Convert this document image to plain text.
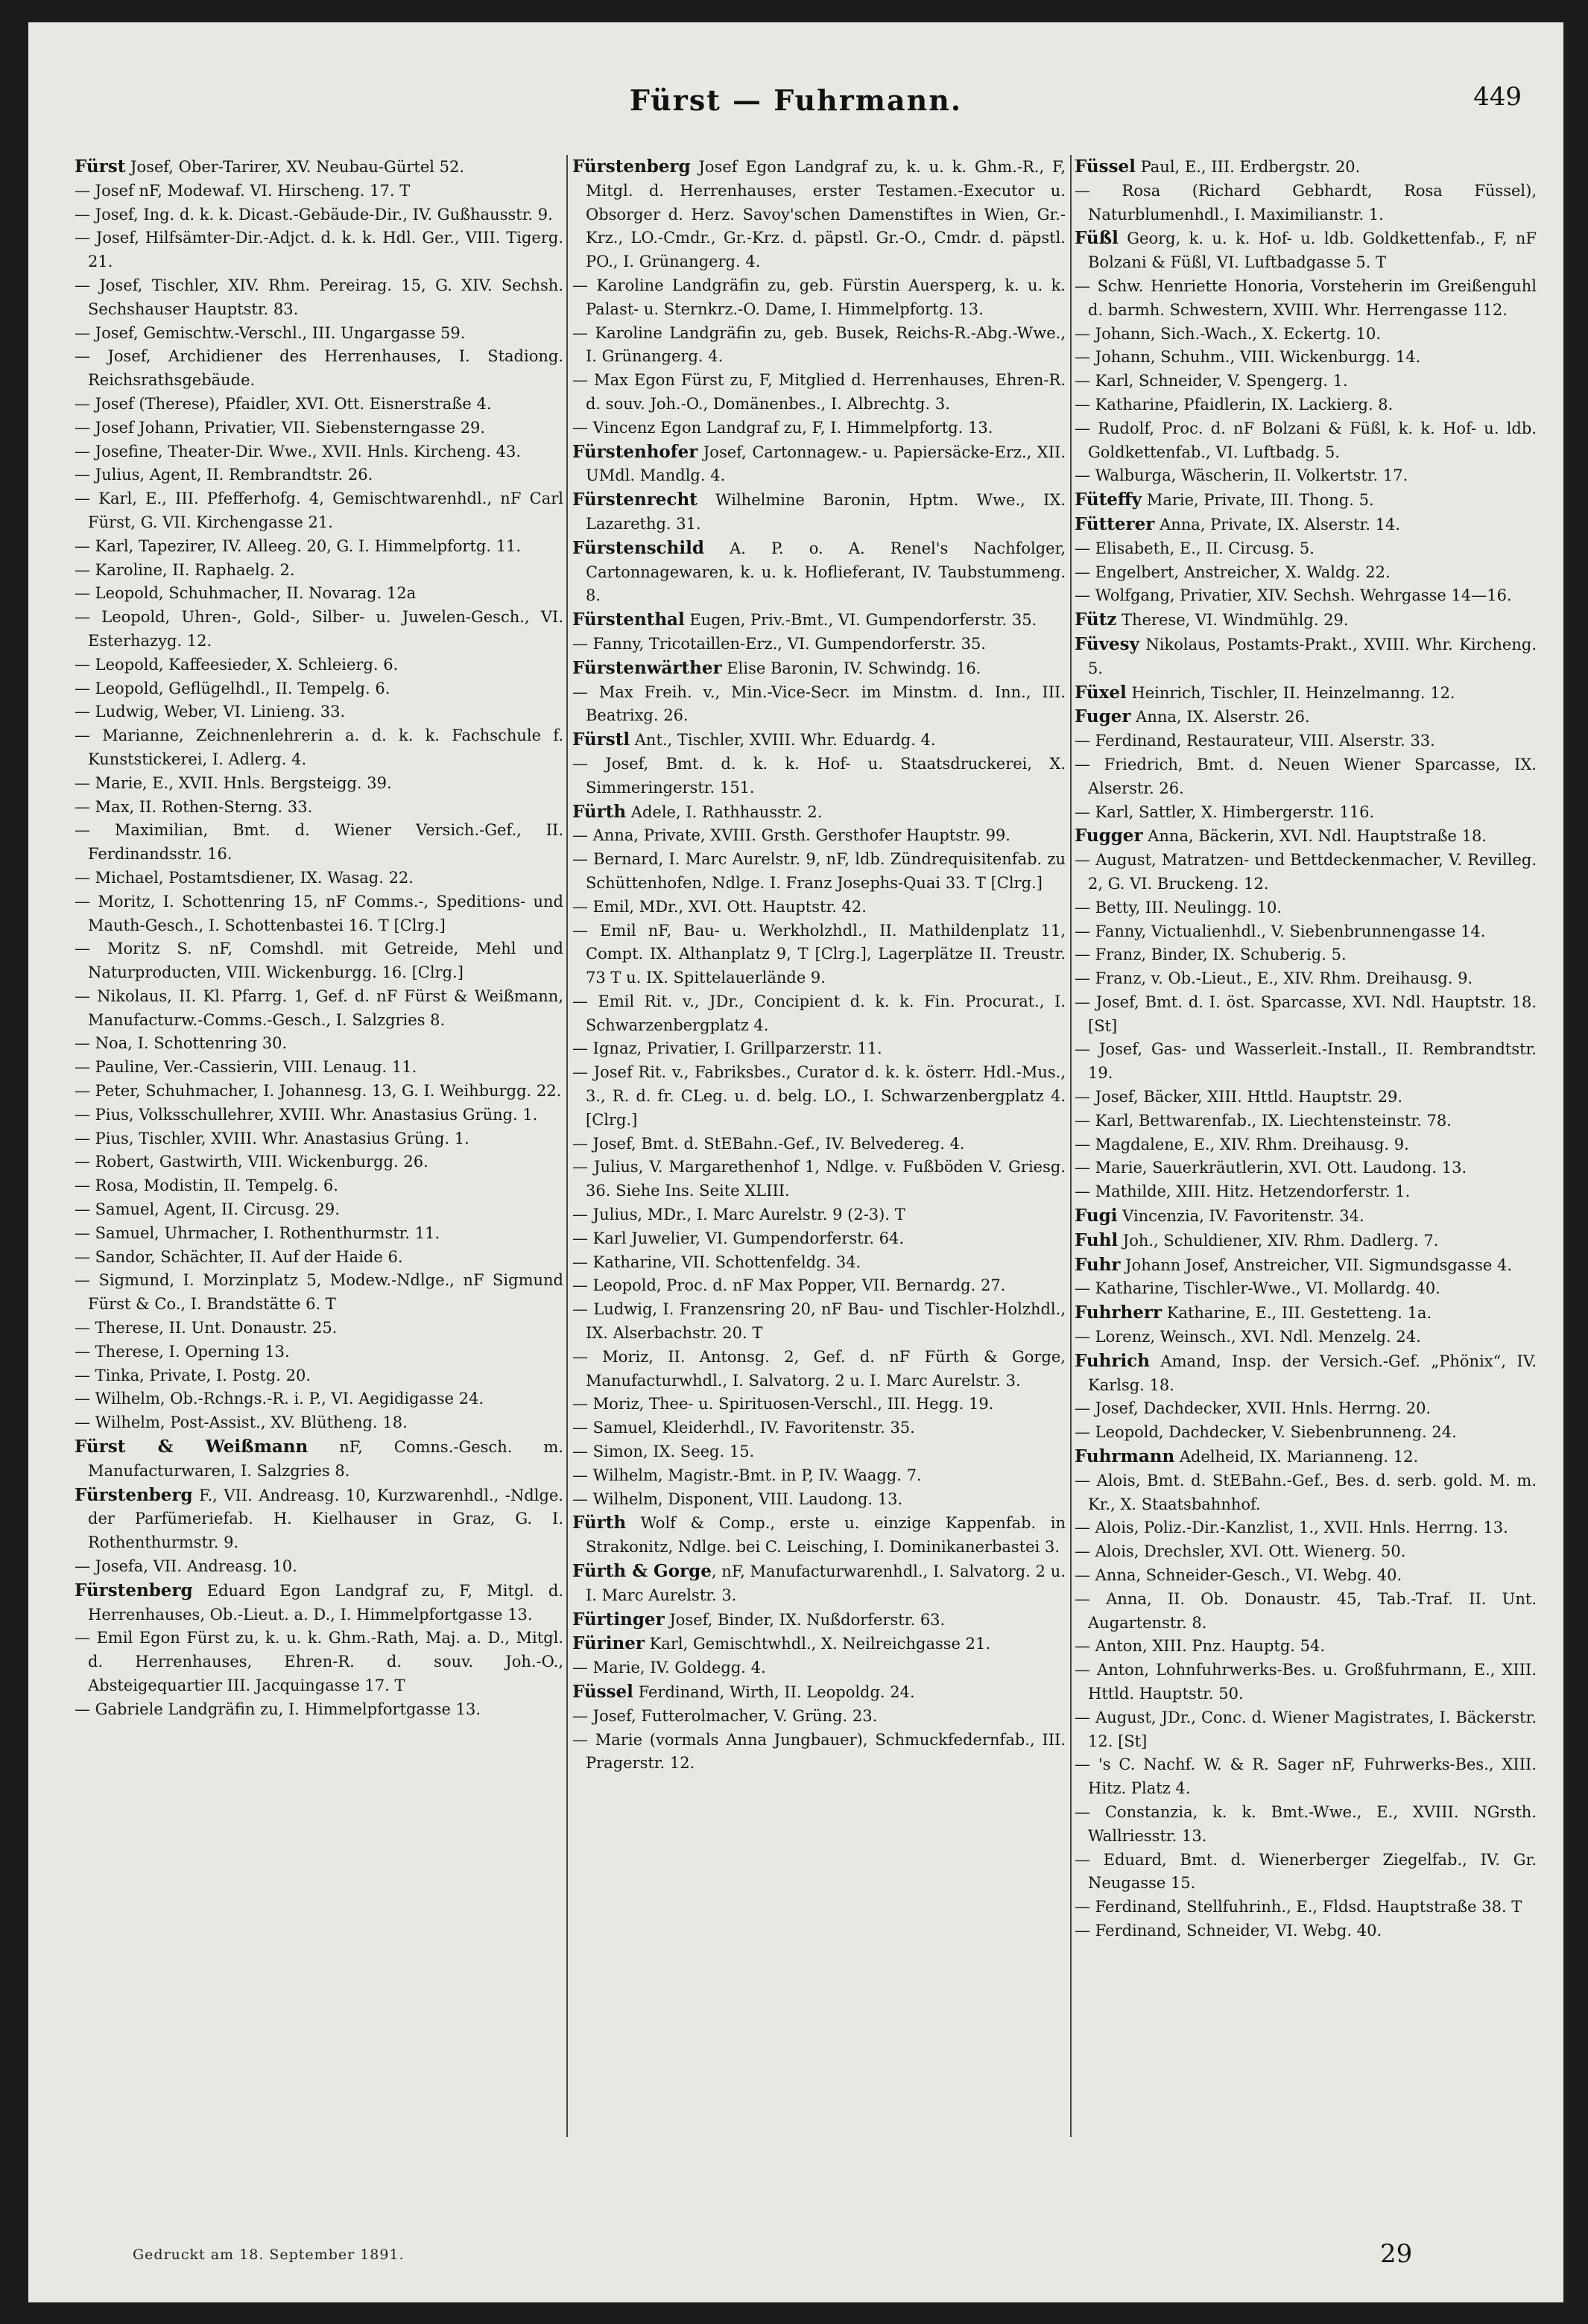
Fürst — Fuhrmann.	449

Fürst Josef, Ober-Tarirer, XV. Neubau-Gürtel 52.

— Josef nF, Modewaf. VI. Hirscheng. 17. T

— Josef, Ing. d. k. k. Dicast.-Gebäude-Dir., IV. Gußhausstr. 9.

— Josef, Hilfsämter-Dir.-Adjct. d. k. k. Hdl. Ger., VIII. Tigerg. 21.

— Josef, Tischler, XIV. Rhm. Pereirag. 15, G. XIV. Sechsh. Sechshauser Hauptstr. 83.

— Josef, Gemischtw.-Verschl., III. Ungargasse 59.

— Josef, Archidiener des Herrenhauses, I. Stadiong. Reichsrathsgebäude.

— Josef (Therese), Pfaidler, XVI. Ott. Eisnerstraße 4.

— Josef Johann, Privatier, VII. Siebensterngasse 29.

— Josefine, Theater-Dir. Wwe., XVII. Hnls. Kircheng. 43.

— Julius, Agent, II. Rembrandtstr. 26.

— Karl, E., III. Pfefferhofg. 4, Gemischtwarenhdl., nF Carl Fürst, G. VII. Kirchengasse 21.

— Karl, Tapezirer, IV. Alleeg. 20, G. I. Himmelpfortg. 11.

— Karoline, II. Raphaelg. 2.

— Leopold, Schuhmacher, II. Novarag. 12a

— Leopold, Uhren-, Gold-, Silber- u. Juwelen-Gesch., VI. Esterhazyg. 12.

— Leopold, Kaffeesieder, X. Schleierg. 6.

— Leopold, Geflügelhdl., II. Tempelg. 6.

— Ludwig, Weber, VI. Linieng. 33.

— Marianne, Zeichnenlehrerin a. d. k. k. Fachschule f. Kunststickerei, I. Adlerg. 4.

— Marie, E., XVII. Hnls. Bergsteigg. 39.

— Max, II. Rothen-Sterng. 33.

— Maximilian, Bmt. d. Wiener Versich.-Gef., II. Ferdinandsstr. 16.

— Michael, Postamtsdiener, IX. Wasag. 22.

— Moritz, I. Schottenring 15, nF Comms.-, Speditions- und Mauth-Gesch., I. Schottenbastei 16. T [Clrg.]

— Moritz S. nF, Comshdl. mit Getreide, Mehl und Naturproducten, VIII. Wickenburgg. 16. [Clrg.]

— Nikolaus, II. Kl. Pfarrg. 1, Gef. d. nF Fürst & Weißmann, Manufacturw.-Comms.-Gesch., I. Salzgries 8.

— Noa, I. Schottenring 30.

— Pauline, Ver.-Cassierin, VIII. Lenaug. 11.

— Peter, Schuhmacher, I. Johannesg. 13, G. I. Weihburgg. 22.

— Pius, Volksschullehrer, XVIII. Whr. Anastasius Grüng. 1.

— Pius, Tischler, XVIII. Whr. Anastasius Grüng. 1.

— Robert, Gastwirth, VIII. Wickenburgg. 26.

— Rosa, Modistin, II. Tempelg. 6.

— Samuel, Agent, II. Circusg. 29.

— Samuel, Uhrmacher, I. Rothenthurmstr. 11.

— Sandor, Schächter, II. Auf der Haide 6.

— Sigmund, I. Morzinplatz 5, Modew.-Ndlge., nF Sigmund Fürst & Co., I. Brandstätte 6. T

— Therese, II. Unt. Donaustr. 25.

— Therese, I. Operning 13.

— Tinka, Private, I. Postg. 20.

— Wilhelm, Ob.-Rchngs.-R. i. P., VI. Aegidigasse 24.

— Wilhelm, Post-Assist., XV. Blütheng. 18.

Fürst & Weißmann nF, Comns.-Gesch. m. Manufacturwaren, I. Salzgries 8.

Fürstenberg F., VII. Andreasg. 10, Kurzwarenhdl., -Ndlge. der Parfümeriefab. H. Kielhauser in Graz, G. I. Rothenthurmstr. 9.

— Josefa, VII. Andreasg. 10.

Fürstenberg Eduard Egon Landgraf zu, F, Mitgl. d. Herrenhauses, Ob.-Lieut. a. D., I. Himmelpfortgasse 13.

— Emil Egon Fürst zu, k. u. k. Ghm.-Rath, Maj. a. D., Mitgl. d. Herrenhauses, Ehren-R. d. souv. Joh.-O., Absteigequartier III. Jacquingasse 17. T

— Gabriele Landgräfin zu, I. Himmelpfortgasse 13.

Fürstenberg Josef Egon Landgraf zu, k. u. k. Ghm.-R., F, Mitgl. d. Herrenhauses, erster Testamen.-Executor u. Obsorger d. Herz. Savoy'schen Damenstiftes in Wien, Gr.-Krz., LO.-Cmdr., Gr.-Krz. d. päpstl. Gr.-O., Cmdr. d. päpstl. PO., I. Grünangerg. 4.

— Karoline Landgräfin zu, geb. Fürstin Auersperg, k. u. k. Palast- u. Sternkrz.-O. Dame, I. Himmelpfortg. 13.

— Karoline Landgräfin zu, geb. Busek, Reichs-R.-Abg.-Wwe., I. Grünangerg. 4.

— Max Egon Fürst zu, F, Mitglied d. Herrenhauses, Ehren-R. d. souv. Joh.-O., Domänenbes., I. Albrechtg. 3.

— Vincenz Egon Landgraf zu, F, I. Himmelpfortg. 13.

Fürstenhofer Josef, Cartonnagew.- u. Papiersäcke-Erz., XII. UMdl. Mandlg. 4.

Fürstenrecht Wilhelmine Baronin, Hptm. Wwe., IX. Lazarethg. 31.

Fürstenschild A. P. o. A. Renel's Nachfolger, Cartonnagewaren, k. u. k. Hoflieferant, IV. Taubstummeng. 8.

Fürstenthal Eugen, Priv.-Bmt., VI. Gumpendorferstr. 35.

— Fanny, Tricotaillen-Erz., VI. Gumpendorferstr. 35.

Fürstenwärther Elise Baronin, IV. Schwindg. 16.

— Max Freih. v., Min.-Vice-Secr. im Minstm. d. Inn., III. Beatrixg. 26.

Fürstl Ant., Tischler, XVIII. Whr. Eduardg. 4.

— Josef, Bmt. d. k. k. Hof- u. Staatsdruckerei, X. Simmeringerstr. 151.

Fürth Adele, I. Rathhausstr. 2.

— Anna, Private, XVIII. Grsth. Gersthofer Hauptstr. 99.

— Bernard, I. Marc Aurelstr. 9, nF, ldb. Zündrequisitenfab. zu Schüttenhofen, Ndlge. I. Franz Josephs-Quai 33. T [Clrg.]

— Emil, MDr., XVI. Ott. Hauptstr. 42.

— Emil nF, Bau- u. Werkholzhdl., II. Mathildenplatz 11, Compt. IX. Althanplatz 9, T [Clrg.], Lagerplätze II. Treustr. 73 T u. IX. Spittelauerlände 9.

— Emil Rit. v., JDr., Concipient d. k. k. Fin. Procurat., I. Schwarzenbergplatz 4.

— Ignaz, Privatier, I. Grillparzerstr. 11.

— Josef Rit. v., Fabriksbes., Curator d. k. k. österr. Hdl.-Mus., 3., R. d. fr. CLeg. u. d. belg. LO., I. Schwarzenbergplatz 4. [Clrg.]

— Josef, Bmt. d. StEBahn.-Gef., IV. Belvedereg. 4.

— Julius, V. Margarethenhof 1, Ndlge. v. Fußböden V. Griesg. 36. Siehe Ins. Seite XLIII.

— Julius, MDr., I. Marc Aurelstr. 9 (2-3). T

— Karl Juwelier, VI. Gumpendorferstr. 64.

— Katharine, VII. Schottenfeldg. 34.

— Leopold, Proc. d. nF Max Popper, VII. Bernardg. 27.

— Ludwig, I. Franzensring 20, nF Bau- und Tischler-Holzhdl., IX. Alserbachstr. 20. T

— Moriz, II. Antonsg. 2, Gef. d. nF Fürth & Gorge, Manufacturwhdl., I. Salvatorg. 2 u. I. Marc Aurelstr. 3.

— Moriz, Thee- u. Spirituosen-Verschl., III. Hegg. 19.

— Samuel, Kleiderhdl., IV. Favoritenstr. 35.

— Simon, IX. Seeg. 15.

— Wilhelm, Magistr.-Bmt. in P, IV. Waagg. 7.

— Wilhelm, Disponent, VIII. Laudong. 13.

Fürth Wolf & Comp., erste u. einzige Kappenfab. in Strakonitz, Ndlge. bei C. Leisching, I. Dominikanerbastei 3.

Fürth & Gorge, nF, Manufacturwarenhdl., I. Salvatorg. 2 u. I. Marc Aurelstr. 3.

Fürtinger Josef, Binder, IX. Nußdorferstr. 63.

Füriner Karl, Gemischtwhdl., X. Neilreichgasse 21.

— Marie, IV. Goldegg. 4.

Füssel Ferdinand, Wirth, II. Leopoldg. 24.

— Josef, Futterolmacher, V. Grüng. 23.

— Marie (vormals Anna Jungbauer), Schmuckfedernfab., III. Pragerstr. 12.

Füssel Paul, E., III. Erdbergstr. 20.

— Rosa (Richard Gebhardt, Rosa Füssel), Naturblumenhdl., I. Maximilianstr. 1.

Füßl Georg, k. u. k. Hof- u. ldb. Goldkettenfab., F, nF Bolzani & Füßl, VI. Luftbadgasse 5. T

— Schw. Henriette Honoria, Vorsteherin im Greißenguhl d. barmh. Schwestern, XVIII. Whr. Herrengasse 112.

— Johann, Sich.-Wach., X. Eckertg. 10.

— Johann, Schuhm., VIII. Wickenburgg. 14.

— Karl, Schneider, V. Spengerg. 1.

— Katharine, Pfaidlerin, IX. Lackierg. 8.

— Rudolf, Proc. d. nF Bolzani & Füßl, k. k. Hof- u. ldb. Goldkettenfab., VI. Luftbadg. 5.

— Walburga, Wäscherin, II. Volkertstr. 17.

Füteffy Marie, Private, III. Thong. 5.

Fütterer Anna, Private, IX. Alserstr. 14.

— Elisabeth, E., II. Circusg. 5.

— Engelbert, Anstreicher, X. Waldg. 22.

— Wolfgang, Privatier, XIV. Sechsh. Wehrgasse 14—16.

Fütz Therese, VI. Windmühlg. 29.

Füvesy Nikolaus, Postamts-Prakt., XVIII. Whr. Kircheng. 5.

Füxel Heinrich, Tischler, II. Heinzelmanng. 12.

Fuger Anna, IX. Alserstr. 26.

— Ferdinand, Restaurateur, VIII. Alserstr. 33.

— Friedrich, Bmt. d. Neuen Wiener Sparcasse, IX. Alserstr. 26.

— Karl, Sattler, X. Himbergerstr. 116.

Fugger Anna, Bäckerin, XVI. Ndl. Hauptstraße 18.

— August, Matratzen- und Bettdeckenmacher, V. Revilleg. 2, G. VI. Bruckeng. 12.

— Betty, III. Neulingg. 10.

— Fanny, Victualienhdl., V. Siebenbrunnengasse 14.

— Franz, Binder, IX. Schuberig. 5.

— Franz, v. Ob.-Lieut., E., XIV. Rhm. Dreihausg. 9.

— Josef, Bmt. d. I. öst. Sparcasse, XVI. Ndl. Hauptstr. 18. [St]

— Josef, Gas- und Wasserleit.-Install., II. Rembrandtstr. 19.

— Josef, Bäcker, XIII. Httld. Hauptstr. 29.

— Karl, Bettwarenfab., IX. Liechtensteinstr. 78.

— Magdalene, E., XIV. Rhm. Dreihausg. 9.

— Marie, Sauerkräutlerin, XVI. Ott. Laudong. 13.

— Mathilde, XIII. Hitz. Hetzendorferstr. 1.

Fugi Vincenzia, IV. Favoritenstr. 34.

Fuhl Joh., Schuldiener, XIV. Rhm. Dadlerg. 7.

Fuhr Johann Josef, Anstreicher, VII. Sigmundsgasse 4.

— Katharine, Tischler-Wwe., VI. Mollardg. 40.

Fuhrherr Katharine, E., III. Gestetteng. 1a.

— Lorenz, Weinsch., XVI. Ndl. Menzelg. 24.

Fuhrich Amand, Insp. der Versich.-Gef. „Phönix“, IV. Karlsg. 18.

— Josef, Dachdecker, XVII. Hnls. Herrng. 20.

— Leopold, Dachdecker, V. Siebenbrunneng. 24.

Fuhrmann Adelheid, IX. Marianneng. 12.

— Alois, Bmt. d. StEBahn.-Gef., Bes. d. serb. gold. M. m. Kr., X. Staatsbahnhof.

— Alois, Poliz.-Dir.-Kanzlist, 1., XVII. Hnls. Herrng. 13.

— Alois, Drechsler, XVI. Ott. Wienerg. 50.

— Anna, Schneider-Gesch., VI. Webg. 40.

— Anna, II. Ob. Donaustr. 45, Tab.-Traf. II. Unt. Augartenstr. 8.

— Anton, XIII. Pnz. Hauptg. 54.

— Anton, Lohnfuhrwerks-Bes. u. Großfuhrmann, E., XIII. Httld. Hauptstr. 50.

— August, JDr., Conc. d. Wiener Magistrates, I. Bäckerstr. 12. [St]

— 's C. Nachf. W. & R. Sager nF, Fuhrwerks-Bes., XIII. Hitz. Platz 4.

— Constanzia, k. k. Bmt.-Wwe., E., XVIII. NGrsth. Wallriesstr. 13.

— Eduard, Bmt. d. Wienerberger Ziegelfab., IV. Gr. Neugasse 15.

— Ferdinand, Stellfuhrinh., E., Fldsd. Hauptstraße 38. T

— Ferdinand, Schneider, VI. Webg. 40.

Gedruckt am 18. September 1891.	29
